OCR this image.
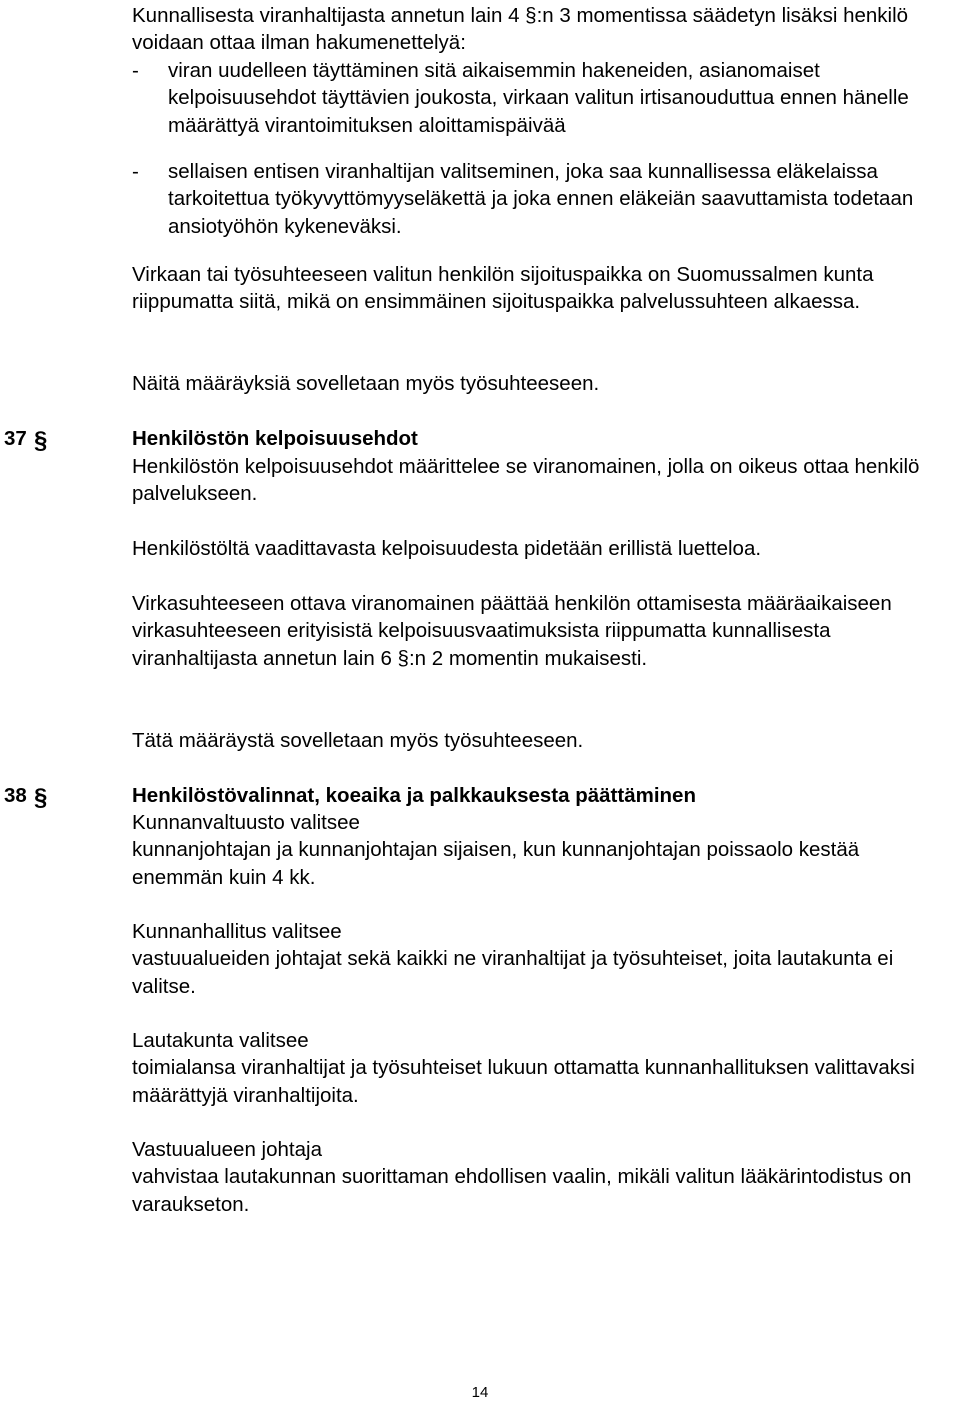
Kunnallisesta viranhaltijasta annetun lain 4 §:n 3 momentissa säädetyn lisäksi henkilö voidaan ottaa ilman hakumenettelyä:

- viran uudelleen täyttäminen sitä aikaisemmin hakeneiden, asianomaiset kelpoisuusehdot täyttävien joukosta, virkaan valitun irtisanouduttua ennen hänelle määrättyä virantoimituksen aloittamispäivää
- sellaisen entisen viranhaltijan valitseminen, joka saa kunnallisessa eläkelaissa tarkoitettua työkyvyttömyyseläkettä ja joka ennen eläkeiän saavuttamista todetaan ansiotyöhön kykeneväksi.

Virkaan tai työsuhteeseen valitun henkilön sijoituspaikka on Suomussalmen kunta riippumatta siitä, mikä on ensimmäinen sijoituspaikka palvelussuhteen alkaessa.

Näitä määräyksiä sovelletaan myös työsuhteeseen.

37 §	Henkilöstön kelpoisuusehdot

Henkilöstön kelpoisuusehdot määrittelee se viranomainen, jolla on oikeus ottaa henkilö palvelukseen.

Henkilöstöltä vaadittavasta kelpoisuudesta pidetään erillistä luetteloa.

Virkasuhteeseen ottava viranomainen päättää henkilön ottamisesta määräaikaiseen virkasuhteeseen erityisistä kelpoisuusvaatimuksista riippumatta kunnallisesta viranhaltijasta annetun lain 6 §:n 2 momentin mukaisesti.

Tätä määräystä sovelletaan myös työsuhteeseen.

38 §	Henkilöstövalinnat, koeaika ja palkkauksesta päättäminen
Kunnanvaltuusto valitsee
kunnanjohtajan ja kunnanjohtajan sijaisen, kun kunnanjohtajan poissaolo kestää enemmän kuin 4 kk.
Kunnanhallitus valitsee
vastuualueiden johtajat sekä kaikki ne viranhaltijat ja työsuhteiset, joita lautakunta ei valitse.
Lautakunta valitsee
toimialansa viranhaltijat ja työsuhteiset lukuun ottamatta kunnanhallituksen valittavaksi määrättyjä viranhaltijoita.
Vastuualueen johtaja
vahvistaa lautakunnan suorittaman ehdollisen vaalin, mikäli valitun lääkärintodistus on varaukseton.
14
